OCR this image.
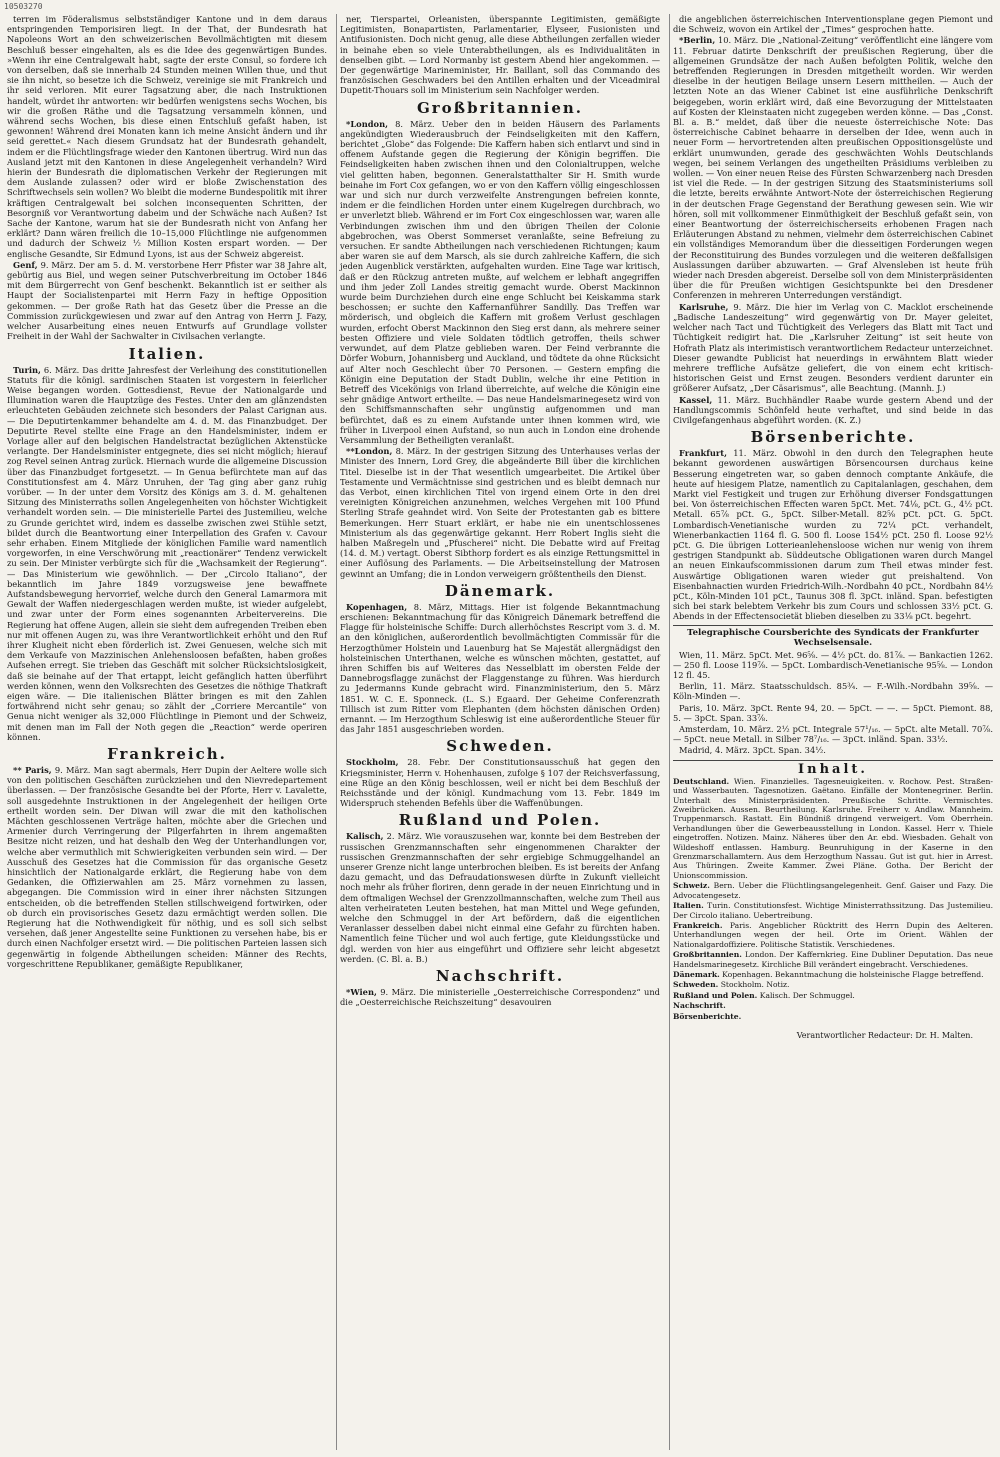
10503270

terren im Föderalismus selbstständiger Kantone und in dem daraus entspringenden Temporisiren liegt. In der That, der Bundesrath hat Napoleons Wort an den schweizerischen Bevollmächtigten mit diesem Beschluß besser eingehalten, als es die Idee des gegenwärtigen Bundes. »Wenn ihr eine Centralgewalt habt, sagte der erste Consul, so fordere ich von derselben, daß sie innerhalb 24 Stunden meinen Willen thue, und thut sie ihn nicht, so besetze ich die Schweiz, vereinige sie mit Frankreich und ihr seid verloren. Mit eurer Tagsatzung aber, die nach Instruktionen handelt, würdet ihr antworten: wir bedürfen wenigstens sechs Wochen, bis wir die großen Räthe und die Tagsatzung versammeln können, und während sechs Wochen, bis diese einen Entschluß gefaßt haben, ist gewonnen! Während drei Monaten kann ich meine Ansicht ändern und ihr seid gerettet.« Nach diesem Grundsatz hat der Bundesrath gehandelt, indem er die Flüchtlingsfrage wieder den Kantonen übertrug. Wird nun das Ausland jetzt mit den Kantonen in diese Angelegenheit verhandeln? Wird hierin der Bundesrath die diplomatischen Verkehr der Regierungen mit dem Auslande zulassen? oder wird er bloße Zwischenstation des Schriftwechsels sein wollen? Wo bleibt die moderne Bundespolitik mit ihrer kräftigen Centralgewalt bei solchen inconsequenten Schritten, der Besorgniß vor Verantwortung dabeim und der Schwäche nach Außen? Ist Sache der Kantone, warum hat sie der Bundesrath nicht von Anfang her erklärt? Dann wären freilich die 10–15,000 Flüchtlinge nie aufgenommen und dadurch der Schweiz ½ Million Kosten erspart worden. — Der englische Gesandte, Sir Edmund Lyons, ist aus der Schweiz abgereist.

Genf, 9. März. Der am 5. d. M. verstorbene Herr Pfister war 38 Jahre alt, gebürtig aus Biel, und wegen seiner Putschverbreitung im October 1846 mit dem Bürgerrecht von Genf beschenkt. Bekanntlich ist er seither als Haupt der Socialistenpartei mit Herrn Fazy in heftige Opposition gekommen. — Der große Rath hat das Gesetz über die Presse an die Commission zurückgewiesen und zwar auf den Antrag von Herrn J. Fazy, welcher Ausarbeitung eines neuen Entwurfs auf Grundlage vollster Freiheit in der Wahl der Sachwalter in Civilsachen verlangte.

Italien.

Turin, 6. März. Das dritte Jahresfest der Verleihung des constitutionellen Statuts für die königl. sardinischen Staaten ist vorgestern in feierlicher Weise begangen worden. Gottesdienst, Revue der Nationalgarde und Illumination waren die Hauptzüge des Festes. Unter den am glänzendsten erleuchteten Gebäuden zeichnete sich besonders der Palast Carignan aus. — Die Deputirtenkammer behandelte am 4. d. M. das Finanzbudget. Der Deputirte Revel stellte eine Frage an den Handelsminister, indem er Vorlage aller auf den belgischen Handelstractat bezüglichen Aktenstücke verlangte. Der Handelsminister entgegnete, dies sei nicht möglich; hierauf zog Revel seinen Antrag zurück. Hiernach wurde die allgemeine Discussion über das Finanzbudget fortgesetzt. — In Genua befürchtete man auf das Constitutionsfest am 4. März Unruhen, der Tag ging aber ganz ruhig vorüber. — In der unter dem Vorsitz des Königs am 3. d. M. gehaltenen Sitzung des Ministerraths sollen Angelegenheiten von höchster Wichtigkeit verhandelt worden sein. — Die ministerielle Partei des Justemilieu, welche zu Grunde gerichtet wird, indem es dasselbe zwischen zwei Stühle setzt, bildet durch die Beantwortung einer Interpellation des Grafen v. Cavour sehr erhaben. Einem Mitgliede der königlichen Familie ward namentlich vorgeworfen, in eine Verschwörung mit „reactionärer“ Tendenz verwickelt zu sein. Der Minister verbürgte sich für die „Wachsamkeit der Regierung“. — Das Ministerium wie gewöhnlich. — Der „Circolo Italiano“, der bekanntlich im Jahre 1849 vorzugsweise jene bewaffnete Aufstandsbewegung hervorrief, welche durch den General Lamarmora mit Gewalt der Waffen niedergeschlagen werden mußte, ist wieder aufgelebt, und zwar unter der Form eines sogenannten Arbeitervereins. Die Regierung hat offene Augen, allein sie sieht dem aufregenden Treiben eben nur mit offenen Augen zu, was ihre Verantwortlichkeit erhöht und den Ruf ihrer Klugheit nicht eben förderlich ist. Zwei Genuesen, welche sich mit dem Verkaufe von Mazzinischen Anlehensloosen befaßten, haben großes Aufsehen erregt. Sie trieben das Geschäft mit solcher Rücksichtslosigkeit, daß sie beinahe auf der That ertappt, leicht gefänglich hatten überführt werden können, wenn den Volksrechten des Gesetzes die nöthige Thatkraft eigen wäre. — Die italienischen Blätter bringen es mit den Zahlen fortwährend nicht sehr genau; so zählt der „Corriere Mercantile“ von Genua nicht weniger als 32,000 Flüchtlinge in Piemont und der Schweiz, mit denen man im Fall der Noth gegen die „Reaction“ werde operiren können.

Frankreich.

** Paris, 9. März. Man sagt abermals, Herr Dupin der Aeltere wolle sich von den politischen Geschäften zurückziehen und den Nievredepartement überlassen. — Der französische Gesandte bei der Pforte, Herr v. Lavalette, soll ausgedehnte Instruktionen in der Angelegenheit der heiligen Orte ertheilt worden sein. Der Diwan will zwar die mit den katholischen Mächten geschlossenen Verträge halten, möchte aber die Griechen und Armenier durch Verringerung der Pilgerfahrten in ihrem angemaßten Besitze nicht reizen, und hat deshalb den Weg der Unterhandlungen vor, welche aber vermuthlich mit Schwierigkeiten verbunden sein wird. — Der Ausschuß des Gesetzes hat die Commission für das organische Gesetz hinsichtlich der Nationalgarde erklärt, die Regierung habe von dem Gedanken, die Offizierwahlen am 25. März vornehmen zu lassen, abgegangen. Die Commission wird in einer ihrer nächsten Sitzungen entscheiden, ob die betreffenden Stellen stillschweigend fortwirken, oder ob durch ein provisorisches Gesetz dazu ermächtigt werden sollen. Die Regierung hat die Nothwendigkeit für nöthig, und es soll sich selbst versehen, daß jener Angestellte seine Funktionen zu versehen habe, bis er durch einen Nachfolger ersetzt wird. — Die politischen Parteien lassen sich gegenwärtig in folgende Abtheilungen scheiden: Männer des Rechts, vorgeschrittene Republikaner, gemäßigte Republikaner,

ner, Tierspartei, Orleanisten, überspannte Legitimisten, gemäßigte Legitimisten, Bonapartisten, Parlamentarier, Elyseer, Fusionisten und Antifusionisten. Doch nicht genug, alle diese Abtheilungen zerfallen wieder in beinahe eben so viele Unterabtheilungen, als es Individualitäten in denselben gibt. — Lord Normanby ist gestern Abend hier angekommen. — Der gegenwärtige Marineminister, Hr. Baillant, soll das Commando des französischen Geschwaders bei den Antillen erhalten und der Viceadmiral Dupetit-Thouars soll im Ministerium sein Nachfolger werden.

Großbritannien.

*London, 8. März. Ueber den in beiden Häusern des Parlaments angekündigten Wiederausbruch der Feindseligkeiten mit den Kaffern, berichtet „Globe“ das Folgende: Die Kaffern haben sich entlarvt und sind in offenem Aufstande gegen die Regierung der Königin begriffen. Die Feindseligkeiten haben zwischen ihnen und den Colonialtruppen, welche viel gelitten haben, begonnen. Generalstatthalter Sir H. Smith wurde beinahe im Fort Cox gefangen, wo er von den Kaffern völlig eingeschlossen war und sich nur durch verzweifelte Anstrengungen befreien konnte, indem er die feindlichen Horden unter einem Kugelregen durchbrach, wo er unverletzt blieb. Während er im Fort Cox eingeschlossen war, waren alle Verbindungen zwischen ihm und den übrigen Theilen der Colonie abgebrochen, was Oberst Sommerset veranlaßte, seine Befreiung zu versuchen. Er sandte Abtheilungen nach verschiedenen Richtungen; kaum aber waren sie auf dem Marsch, als sie durch zahlreiche Kaffern, die sich jeden Augenblick verstärkten, aufgehalten wurden. Eine Tage war kritisch, daß er den Rückzug antreten mußte, auf welchem er lebhaft angegriffen und ihm jeder Zoll Landes streitig gemacht wurde. Oberst Mackinnon wurde beim Durchziehen durch eine enge Schlucht bei Keiskamma stark beschossen; er suchte den Kaffernanführer Sandilly. Das Treffen war mörderisch, und obgleich die Kaffern mit großem Verlust geschlagen wurden, erfocht Oberst Mackinnon den Sieg erst dann, als mehrere seiner besten Offiziere und viele Soldaten tödtlich getroffen, theils schwer verwundet, auf dem Platze geblieben waren. Der Feind verbrannte die Dörfer Woburn, Johannisberg und Auckland, und tödtete da ohne Rücksicht auf Alter noch Geschlecht über 70 Personen. — Gestern empfing die Königin eine Deputation der Stadt Dublin, welche ihr eine Petition in Betreff des Vicekönigs von Irland überreichte, auf welche die Königin eine sehr gnädige Antwort ertheilte. — Das neue Handelsmarinegesetz wird von den Schiffsmannschaften sehr ungünstig aufgenommen und man befürchtet, daß es zu einem Aufstande unter ihnen kommen wird, wie früher in Liverpool einen Aufstand, so nun auch in London eine drohende Versammlung der Betheiligten veranlaßt.

**London, 8. März. In der gestrigen Sitzung des Unterhauses verlas der Minister des Innern, Lord Grey, die abgeänderte Bill über die kirchlichen Titel. Dieselbe ist in der That wesentlich umgearbeitet. Die Artikel über Testamente und Vermächtnisse sind gestrichen und es bleibt demnach nur das Verbot, einen kirchlichen Titel von irgend einem Orte in den drei vereinigten Königreichen anzunehmen, welches Vergehen mit 100 Pfund Sterling Strafe geahndet wird. Von Seite der Protestanten gab es bittere Bemerkungen. Herr Stuart erklärt, er habe nie ein unentschlossenes Ministerium als das gegenwärtige gekannt. Herr Robert Inglis sieht die halben Maßregeln und „Pfuscherei“ nicht. Die Debatte wird auf Freitag (14. d. M.) vertagt. Oberst Sibthorp fordert es als einzige Rettungsmittel in einer Auflösung des Parlaments. — Die Arbeitseinstellung der Matrosen gewinnt an Umfang; die in London verweigern größtentheils den Dienst.

Dänemark.

Kopenhagen, 8. März, Mittags. Hier ist folgende Bekanntmachung erschienen: Bekanntmachung für das Königreich Dänemark betreffend die Flagge für holsteinische Schiffe: Durch allerhöchstes Rescript vom 3. d. M. an den königlichen, außerordentlich bevollmächtigten Commissär für die Herzogthümer Holstein und Lauenburg hat Se Majestät allergnädigst den holsteinischen Unterthanen, welche es wünschen möchten, gestattet, auf ihren Schiffen bis auf Weiteres das Nesselblatt im obersten Felde der Dannebrogsflagge zunächst der Flaggenstange zu führen. Was hierdurch zu Jedermanns Kunde gebracht wird. Finanzministerium, den 5. März 1851. W. C. E. Sponneck. (L. S.) Egaard. Der Geheime Conferenzrath Tillisch ist zum Ritter vom Elephanten (dem höchsten dänischen Orden) ernannt. — Im Herzogthum Schleswig ist eine außerordentliche Steuer für das Jahr 1851 ausgeschrieben worden.

Schweden.

Stockholm, 28. Febr. Der Constitutionsausschuß hat gegen den Kriegsminister, Herrn v. Hohenhausen, zufolge § 107 der Reichsverfassung, eine Rüge an den König beschlossen, weil er nicht bei dem Beschluß der Reichsstände und der königl. Kundmachung vom 13. Febr. 1849 im Widerspruch stehenden Befehls über die Waffenübungen.

Rußland und Polen.

Kalisch, 2. März. Wie vorauszusehen war, konnte bei dem Bestreben der russischen Grenzmannschaften sehr eingenommenen Charakter der russischen Grenzmannschaften der sehr ergiebige Schmuggelhandel an unserer Grenze nicht lange unterbrochen bleiben. Es ist bereits der Anfang dazu gemacht, und das Defraudationswesen dürfte in Zukunft vielleicht noch mehr als früher floriren, denn gerade in der neuen Einrichtung und in dem oftmaligen Wechsel der Grenzzollmannschaften, welche zum Theil aus alten verheirateten Leuten bestehen, hat man Mittel und Wege gefunden, welche den Schmuggel in der Art befördern, daß die eigentlichen Veranlasser desselben dabei nicht einmal eine Gefahr zu fürchten haben. Namentlich feine Tücher und wol auch fertige, gute Kleidungsstücke und dgl. werden von hier aus eingeführt und Offiziere sehr leicht abgesetzt werden. (C. Bl. a. B.)

Nachschrift.

*Wien, 9. März. Die ministerielle „Oesterreichische Correspondenz“ und die „Oesterreichische Reichszeitung“ desavouiren

die angeblichen österreichischen Interventionsplane gegen Piemont und die Schweiz, wovon ein Artikel der „Times“ gesprochen hatte.

*Berlin, 10. März. Die „National-Zeitung“ veröffentlicht eine längere vom 11. Februar datirte Denkschrift der preußischen Regierung, über die allgemeinen Grundsätze der nach Außen befolgten Politik, welche den betreffenden Regierungen in Dresden mitgetheilt worden. Wir werden dieselbe in der heutigen Beilage unsern Lesern mittheilen. — Auch der letzten Note an das Wiener Cabinet ist eine ausführliche Denkschrift beigegeben, worin erklärt wird, daß eine Bevorzugung der Mittelstaaten auf Kosten der Kleinstaaten nicht zugegeben werden könne. — Das „Const. Bl. a. B.“ meldet, daß über die neueste österreichische Note: Das österreichische Cabinet behaarre in derselben der Idee, wenn auch in neuer Form — hervortretenden alten preußischen Oppositionsgelüste und erklärt unumwunden, gerade des geschwächten Wohls Deutschlands wegen, bei seinem Verlangen des ungetheilten Präsidiums verbleiben zu wollen. — Von einer neuen Reise des Fürsten Schwarzenberg nach Dresden ist viel die Rede. — In der gestrigen Sitzung des Staatsministeriums soll die letzte, bereits erwähnte Antwort-Note der österreichischen Regierung in der deutschen Frage Gegenstand der Berathung gewesen sein. Wie wir hören, soll mit vollkommener Einmüthigkeit der Beschluß gefaßt sein, von einer Beantwortung der österreichischerseits erhobenen Fragen nach Erläuterungen Abstand zu nehmen, vielmehr dem österreichischen Cabinet ein vollständiges Memorandum über die diesseitigen Forderungen wegen der Reconstituirung des Bundes vorzulegen und die weiteren deßfallsigen Auslassungen darüber abzuwarten. — Graf Alvensleben ist heute früh wieder nach Dresden abgereist. Derselbe soll von dem Ministerpräsidenten über die für Preußen wichtigen Gesichtspunkte bei den Dresdener Conferenzen in mehreren Unterredungen verständigt.

Karlsruhe, 9. März. Die hier im Verlag von C. Macklot erscheinende „Badische Landeszeitung“ wird gegenwärtig von Dr. Mayer geleitet, welcher nach Tact und Tüchtigkeit des Verlegers das Blatt mit Tact und Tüchtigkeit redigirt hat. Die „Karlsruher Zeitung“ ist seit heute von Hofrath Platz als interimistisch verantwortlichem Redacteur unterzeichnet. Dieser gewandte Publicist hat neuerdings in erwähntem Blatt wieder mehrere treffliche Aufsätze geliefert, die von einem echt kritisch-historischen Geist und Ernst zeugen. Besonders verdient darunter ein größerer Aufsatz, „Der Cäsarismus“, alle Beachtung. (Mannh. J.)

Kassel, 11. März. Buchhändler Raabe wurde gestern Abend und der Handlungscommis Schönfeld heute verhaftet, und sind beide in das Civilgefangenhaus abgeführt worden. (K. Z.)

Börsenberichte.

Frankfurt, 11. März. Obwohl in den durch den Telegraphen heute bekannt gewordenen auswärtigen Börsencoursen durchaus keine Besserung eingetreten war, so gaben dennoch comptante Ankäufe, die heute auf hiesigem Platze, namentlich zu Capitalanlagen, geschahen, dem Markt viel Festigkeit und trugen zur Erhöhung diverser Fondsgattungen bei. Von österreichischen Effecten waren 5pCt. Met. 74⅛, pCt. G., 4½ pCt. Metall. 65⅞ pCt. G., 5pCt. Silber-Metall. 82⅝ pCt. pCt. G. 5pCt. Lombardisch-Venetianische wurden zu 72¼ pCt. verhandelt, Wienerbankactien 1164 fl. G. 500 fl. Loose 154½ pCt. 250 fl. Loose 92½ pCt. G. Die übrigen Lotterieanlehensloose wichen nur wenig von ihrem gestrigen Standpunkt ab. Süddeutsche Obligationen waren durch Mangel an neuen Einkaufscommissionen darum zum Theil etwas minder fest. Auswärtige Obligationen waren wieder gut preishaltend. Von Eisenbahnactien wurden Friedrich-Wilh.-Nordbahn 40 pCt., Nordbahn 84½ pCt., Köln-Minden 101 pCt., Taunus 308 fl. 3pCt. inländ. Span. befestigten sich bei stark belebtem Verkehr bis zum Cours und schlossen 33½ pCt. G. Abends in der Effectensocietät blieben dieselben zu 33⅛ pCt. begehrt.

Telegraphische Coursberichte des Syndicats der Frankfurter Wechselsensale.

Wien, 11. März. 5pCt. Met. 96⅝. — 4½ pCt. do. 81⅞. — Bankactien 1262. — 250 fl. Loose 119⅞. — 5pCt. Lombardisch-Venetianische 95⅝. — London 12 fl. 45.

Berlin, 11. März. Staatsschuldsch. 85¾. — F.-Wilh.-Nordbahn 39⅝. — Köln-Minden —.

Paris, 10. März. 3pCt. Rente 94, 20. — 5pCt. — —. — 5pCt. Piemont. 88, 5. — 3pCt. Span. 33⅞.

Amsterdam, 10. März. 2½ pCt. Integrale 57¹/₁₆. — 5pCt. alte Metall. 70⅞. — 5pCt. neue Metall. in Silber 78⁷/₁₆. — 3pCt. inländ. Span. 33½.

Madrid, 4. März. 3pCt. Span. 34½.

Inhalt.

Deutschland. Wien. Finanzielles. Tagesneuigkeiten. v. Rochow. Pest. Straßen- und Wasserbauten. Tagesnotizen. Gaëtano. Einfälle der Montenegriner. Berlin. Unterhalt des Ministerpräsidenten. Preußische Schritte. Vermischtes. Zweibrücken. Aussen. Beurtheilung. Karlsruhe. Freiherr v. Andlaw. Mannheim. Truppenmarsch. Rastatt. Ein Bündniß dringend verweigert. Vom Oberrhein. Verhandlungen über die Gewerbeausstellung in London. Kassel. Herr v. Thiele eingetroffen. Notizen. Mainz. Näheres über den Ar. ebd. Wiesbaden. Gehalt von Wildeshoff entlassen. Hamburg. Beunruhigung in der Kaserne in den Grenzmarschallamtern. Aus dem Herzogthum Nassau. Gut ist gut. hier in Arrest. Aus Thüringen. Zweite Kammer. Zwei Pläne. Gotha. Der Bericht der Unionscommission.

Schweiz. Bern. Ueber die Flüchtlingsangelegenheit. Genf. Gaiser und Fazy. Die Advocatengesetz.

Italien. Turin. Constitutionsfest. Wichtige Ministerrathssitzung. Das Justemilieu. Der Circolo italiano. Uebertreibung.

Frankreich. Paris. Angeblicher Rücktritt des Herrn Dupin des Aelteren. Unterhandlungen wegen der heil. Orte im Orient. Wählen der Nationalgardoffiziere. Politische Statistik. Verschiedenes.

Großbritannien. London. Der Kaffernkrieg. Eine Dubliner Deputation. Das neue Handelsmarinegesetz. Kirchliche Bill verändert eingebracht. Verschiedenes.

Dänemark. Kopenhagen. Bekanntmachung die holsteinische Flagge betreffend.

Schweden. Stockholm. Notiz.

Rußland und Polen. Kalisch. Der Schmuggel.

Nachschrift.

Börsenberichte.

Verantwortlicher Redacteur: Dr. H. Malten.
